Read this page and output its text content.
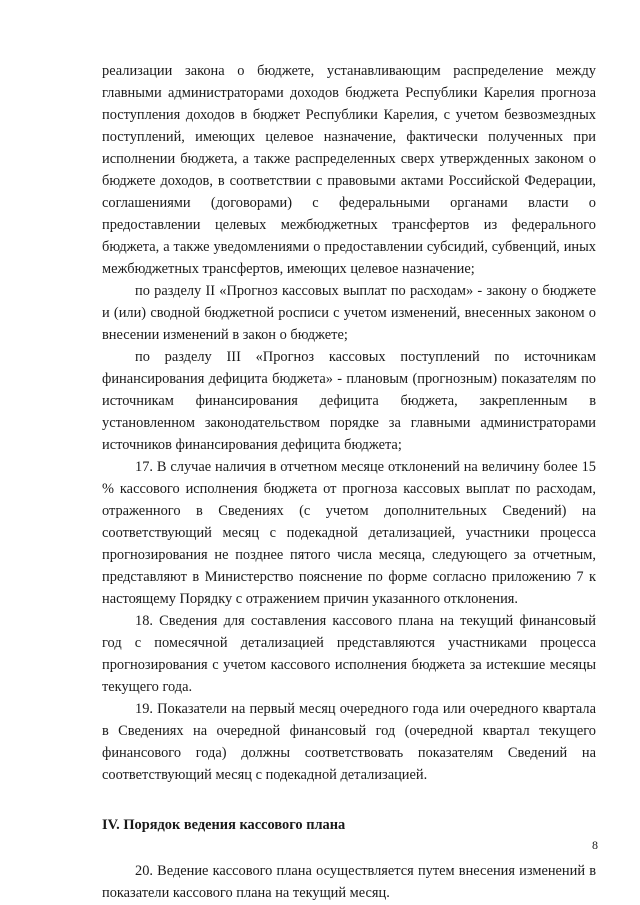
реализации закона о бюджете, устанавливающим распределение между главными администраторами доходов бюджета Республики Карелия прогноза поступления доходов в бюджет Республики Карелия, с учетом безвозмездных поступлений, имеющих целевое назначение, фактически полученных при исполнении бюджета, а также распределенных сверх утвержденных законом о бюджете доходов, в соответствии с правовыми актами Российской Федерации, соглашениями (договорами) с федеральными органами власти о предоставлении целевых межбюджетных трансфертов из федерального бюджета, а также уведомлениями о предоставлении субсидий, субвенций, иных межбюджетных трансфертов, имеющих целевое назначение;

по разделу II «Прогноз кассовых выплат по расходам» - закону о бюджете и (или) сводной бюджетной росписи с учетом изменений, внесенных законом о внесении изменений в закон о бюджете;

по разделу III «Прогноз кассовых поступлений по источникам финансирования дефицита бюджета» - плановым (прогнозным) показателям по источникам финансирования дефицита бюджета, закрепленным в установленном законодательством порядке за главными администраторами источников финансирования дефицита бюджета;

17. В случае наличия в отчетном месяце отклонений на величину более 15 % кассового исполнения бюджета от прогноза кассовых выплат по расходам, отраженного в Сведениях (с учетом дополнительных Сведений) на соответствующий месяц с подекадной детализацией, участники процесса прогнозирования не позднее пятого числа месяца, следующего за отчетным, представляют в Министерство пояснение по форме согласно приложению 7 к настоящему Порядку с отражением причин указанного отклонения.

18. Сведения для составления кассового плана на текущий финансовый год с помесячной детализацией представляются участниками процесса прогнозирования с учетом кассового исполнения бюджета за истекшие месяцы текущего года.

19. Показатели на первый месяц очередного года или очередного квартала в Сведениях на очередной финансовый год (очередной квартал текущего финансового года) должны соответствовать показателям Сведений на соответствующий месяц с подекадной детализацией.

IV. Порядок ведения кассового плана

20. Ведение кассового плана осуществляется путем внесения изменений в показатели кассового плана на текущий месяц.

8
